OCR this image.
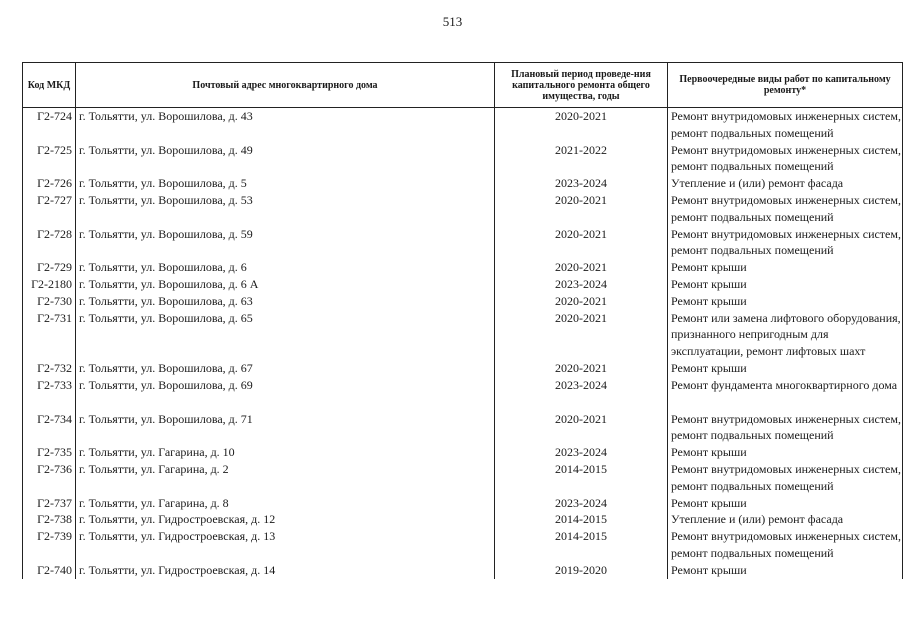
513
Код МКД	Почтовый адрес многоквартирного дома	Плановый период проведе-ния капитального ремонта общего имущества, годы	Первоочередные виды работ по капитальному ремонту*
Г2-724	г. Тольятти, ул. Ворошилова, д. 43	2020-2021	Ремонт внутридомовых инженерных систем, ремонт подвальных помещений
Г2-725	г. Тольятти, ул. Ворошилова, д. 49	2021-2022	Ремонт внутридомовых инженерных систем, ремонт подвальных помещений
Г2-726	г. Тольятти, ул. Ворошилова, д. 5	2023-2024	Утепление и (или) ремонт фасада
Г2-727	г. Тольятти, ул. Ворошилова, д. 53	2020-2021	Ремонт внутридомовых инженерных систем, ремонт подвальных помещений
Г2-728	г. Тольятти, ул. Ворошилова, д. 59	2020-2021	Ремонт внутридомовых инженерных систем, ремонт подвальных помещений
Г2-729	г. Тольятти, ул. Ворошилова, д. 6	2020-2021	Ремонт крыши
Г2-2180	г. Тольятти, ул. Ворошилова, д. 6 А	2023-2024	Ремонт крыши
Г2-730	г. Тольятти, ул. Ворошилова, д. 63	2020-2021	Ремонт крыши
Г2-731	г. Тольятти, ул. Ворошилова, д. 65	2020-2021	Ремонт или замена лифтового оборудования, признанного непригодным для эксплуатации, ремонт лифтовых шахт
Г2-732	г. Тольятти, ул. Ворошилова, д. 67	2020-2021	Ремонт крыши
Г2-733	г. Тольятти, ул. Ворошилова, д. 69	2023-2024	Ремонт фундамента многоквартирного дома
Г2-734	г. Тольятти, ул. Ворошилова, д. 71	2020-2021	Ремонт внутридомовых инженерных систем, ремонт подвальных помещений
Г2-735	г. Тольятти, ул. Гагарина, д. 10	2023-2024	Ремонт крыши
Г2-736	г. Тольятти, ул. Гагарина, д. 2	2014-2015	Ремонт внутридомовых инженерных систем, ремонт подвальных помещений
Г2-737	г. Тольятти, ул. Гагарина, д. 8	2023-2024	Ремонт крыши
Г2-738	г. Тольятти, ул. Гидростроевская, д. 12	2014-2015	Утепление и (или) ремонт фасада
Г2-739	г. Тольятти, ул. Гидростроевская, д. 13	2014-2015	Ремонт внутридомовых инженерных систем, ремонт подвальных помещений
Г2-740	г. Тольятти, ул. Гидростроевская, д. 14	2019-2020	Ремонт крыши
